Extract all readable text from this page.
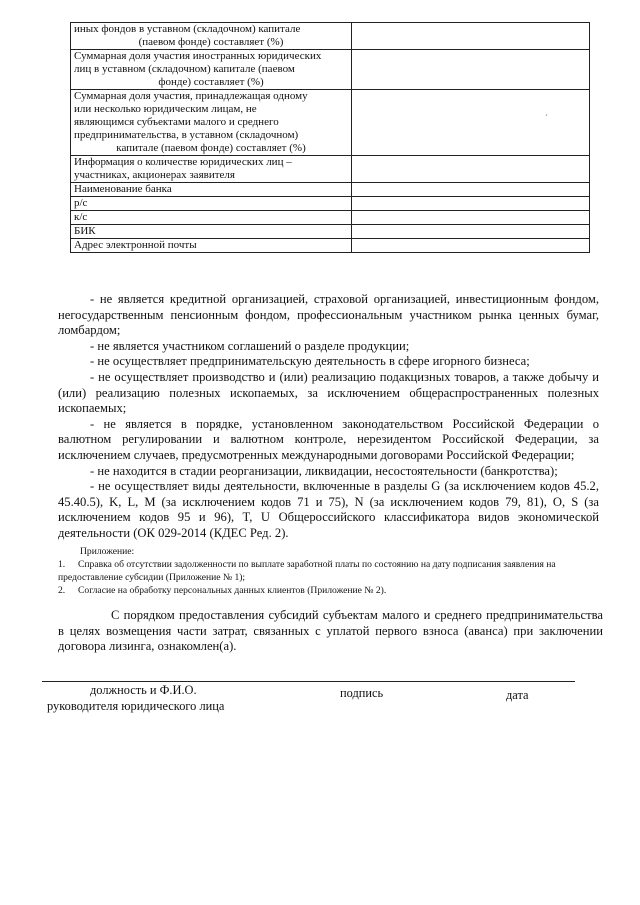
иных фондов в уставном (складочном) капитале
(паевом фонде) составляет (%)	

Суммарная доля участия иностранных юридических
лиц в уставном (складочном) капитале (паевом
фонде) составляет (%)	

Суммарная доля участия, принадлежащая одному
или несколько юридическим лицам, не
являющимся субъектами малого и среднего
предпринимательства, в уставном (складочном)
капитале (паевом фонде) составляет (%)	

Информация о количестве юридических лиц –
участниках, акционерах заявителя	

Наименование банка	

р/с	

к/с	

БИК	

Адрес электронной почты	

ˊ

- не является кредитной организацией, страховой организацией, инвестиционным фондом, негосударственным пенсионным фондом, профессиональным участником рынка ценных бумаг, ломбардом;

- не является участником соглашений о разделе продукции;

- не осуществляет предпринимательскую деятельность в сфере игорного бизнеса;

- не осуществляет производство и (или) реализацию подакцизных товаров, а также добычу и (или) реализацию полезных ископаемых, за исключением общераспространенных полезных ископаемых;

- не является в порядке, установленном законодательством Российской Федерации о валютном регулировании и валютном контроле, нерезидентом Российской Федерации, за исключением случаев, предусмотренных международными договорами Российской Федерации;

- не находится в стадии реорганизации, ликвидации, несостоятельности (банкротства);

- не осуществляет виды деятельности, включенные в разделы G (за исключением кодов 45.2, 45.40.5), K, L, M (за исключением кодов 71 и 75), N (за исключением кодов 79, 81), O, S (за исключением кодов 95 и 96), T, U Общероссийского классификатора видов экономической деятельности (ОК 029-2014 (КДЕС Ред. 2).

Приложение:
1. Справка об отсутствии задолженности по выплате заработной платы по состоянию на дату подписания заявления на предоставление субсидии (Приложение № 1);
2. Согласие на обработку персональных данных клиентов (Приложение № 2).

С порядком предоставления субсидий субъектам малого и среднего предпринимательства в целях возмещения части затрат, связанных с уплатой первого взноса (аванса) при заключении договора лизинга, ознакомлен(а).

должность и Ф.И.О.	подпись	дата
руководителя юридического лица
